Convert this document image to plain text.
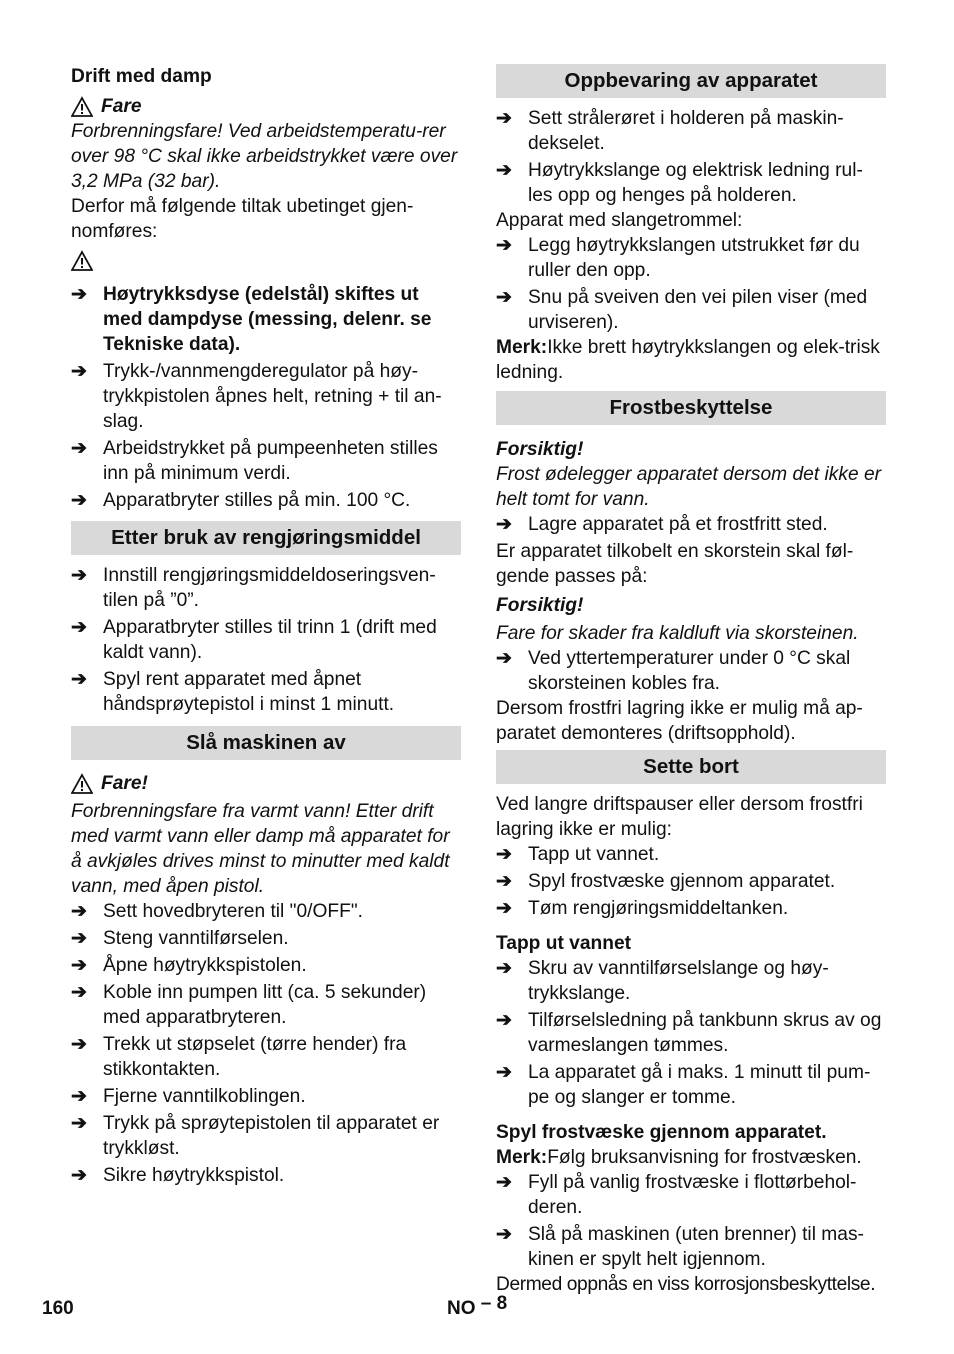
Drift med damp

Fare

Forbrenningsfare! Ved arbeidstemperatu-rer over 98 °C skal ikke arbeidstrykket være over 3,2 MPa (32 bar).

Derfor må følgende tiltak ubetinget gjen-nomføres:

➔ Høytrykksdyse (edelstål) skiftes ut med dampdyse (messing, delenr. se Tekniske data).
➔ Trykk-/vannmengderegulator på høy-trykkpistolen åpnes helt, retning + til an-slag.
➔ Arbeidstrykket på pumpeenheten stilles inn på minimum verdi.
➔ Apparatbryter stilles på min. 100 °C.
Etter bruk av rengjøringsmiddel
➔ Innstill rengjøringsmiddeldoseringsven-tilen på ”0”.
➔ Apparatbryter stilles til trinn 1 (drift med kaldt vann).
➔ Spyl rent apparatet med åpnet håndsprøytepistol i minst 1 minutt.
Slå maskinen av
Fare!

Forbrenningsfare fra varmt vann! Etter drift med varmt vann eller damp må apparatet for å avkjøles drives minst to minutter med kaldt vann, med åpen pistol.

➔ Sett hovedbryteren til "0/OFF".
➔ Steng vanntilførselen.
➔ Åpne høytrykkspistolen.
➔ Koble inn pumpen litt (ca. 5 sekunder) med apparatbryteren.
➔ Trekk ut støpselet (tørre hender) fra stikkontakten.
➔ Fjerne vanntilkoblingen.
➔ Trykk på sprøytepistolen til apparatet er trykkløst.
➔ Sikre høytrykkspistol.
Oppbevaring av apparatet
➔ Sett strålerøret i holderen på maskin-dekselet.
➔ Høytrykkslange og elektrisk ledning rul-les opp og henges på holderen.

Apparat med slangetrommel:

➔ Legg høytrykkslangen utstrukket før du ruller den opp.
➔ Snu på sveiven den vei pilen viser (med urviseren).

Merk:Ikke brett høytrykkslangen og elek-trisk ledning.

Frostbeskyttelse

Forsiktig!

Frost ødelegger apparatet dersom det ikke er helt tomt for vann.

➔ Lagre apparatet på et frostfritt sted.

Er apparatet tilkobelt en skorstein skal føl-gende passes på:

Forsiktig!

Fare for skader fra kaldluft via skorsteinen.

➔ Ved yttertemperaturer under 0 °C skal skorsteinen kobles fra.

Dersom frostfri lagring ikke er mulig må ap-paratet demonteres (driftsopphold).

Sette bort

Ved langre driftspauser eller dersom frostfri lagring ikke er mulig:

➔ Tapp ut vannet.
➔ Spyl frostvæske gjennom apparatet.
➔ Tøm rengjøringsmiddeltanken.

Tapp ut vannet

➔ Skru av vanntilførselslange og høy-trykkslange.
➔ Tilførselsledning på tankbunn skrus av og varmeslangen tømmes.
➔ La apparatet gå i maks. 1 minutt til pum-pe og slanger er tomme.

Spyl frostvæske gjennom apparatet.

Merk:Følg bruksanvisning for frostvæsken.

➔ Fyll på vanlig frostvæske i flottørbehol-deren.
➔ Slå på maskinen (uten brenner) til mas-kinen er spylt helt igjennom.

Dermed oppnås en viss korrosjonsbeskyttelse.

160	NO – 8
